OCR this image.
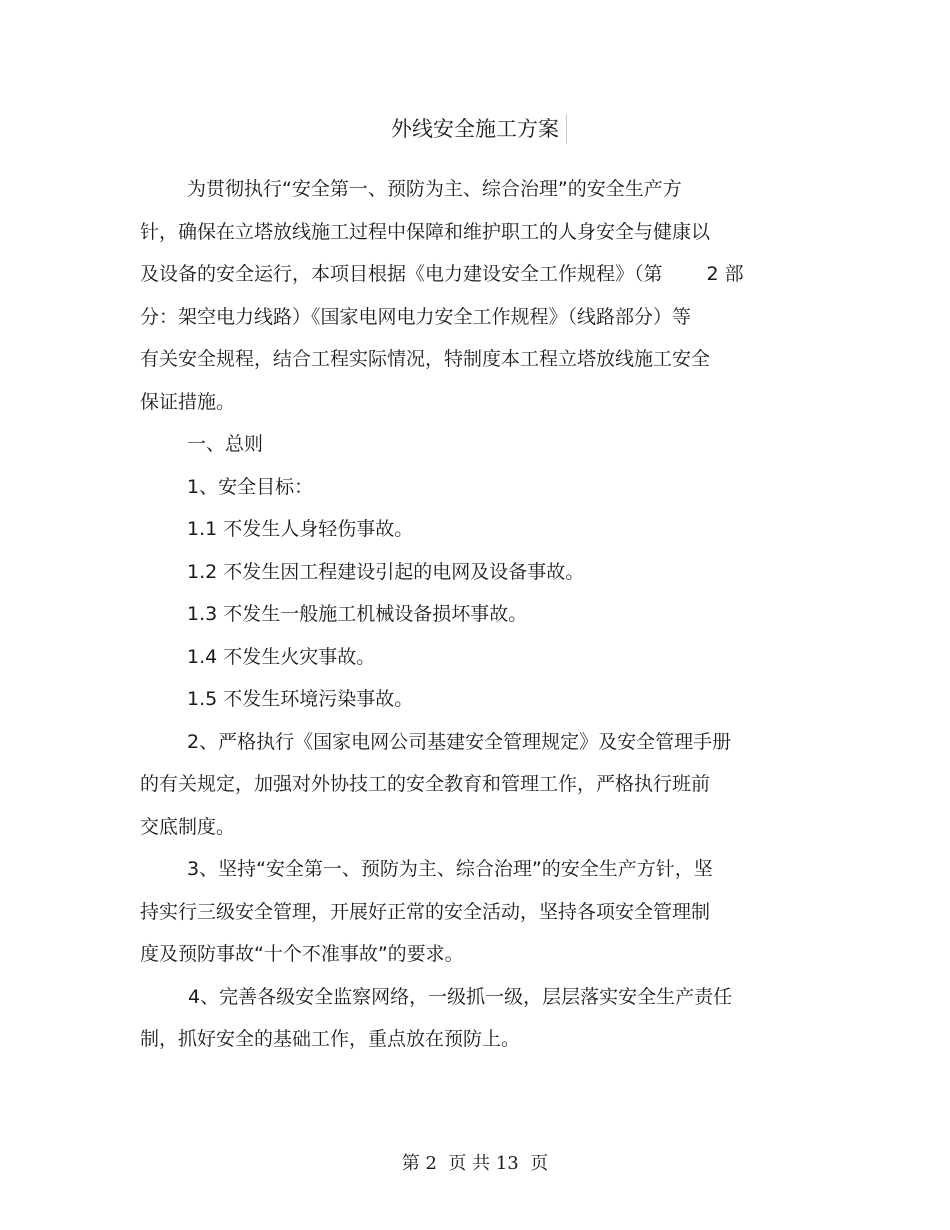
外线安全施工方案
为贯彻执行“安全第一、预防为主、综合治理”的安全生产方
针，确保在立塔放线施工过程中保障和维护职工的人身安全与健康以
及设备的安全运行，本项目根据《电力建设安全工作规程》（第　　 2 部
分：架空电力线路）《国家电网电力安全工作规程》（线路部分）等
有关安全规程，结合工程实际情况，特制度本工程立塔放线施工安全
保证措施。
一、总则
1、安全目标：
1.1 不发生人身轻伤事故。
1.2 不发生因工程建设引起的电网及设备事故。
1.3 不发生一般施工机械设备损坏事故。
1.4 不发生火灾事故。
1.5 不发生环境污染事故。
2、严格执行《国家电网公司基建安全管理规定》及安全管理手册
的有关规定，加强对外协技工的安全教育和管理工作，严格执行班前
交底制度。
3、坚持“安全第一、预防为主、综合治理”的安全生产方针，坚
持实行三级安全管理，开展好正常的安全活动，坚持各项安全管理制
度及预防事故“十个不准事故”的要求。
4、完善各级安全监察网络，一级抓一级，层层落实安全生产责任
制，抓好安全的基础工作，重点放在预防上。
第 2  页 共 13  页
